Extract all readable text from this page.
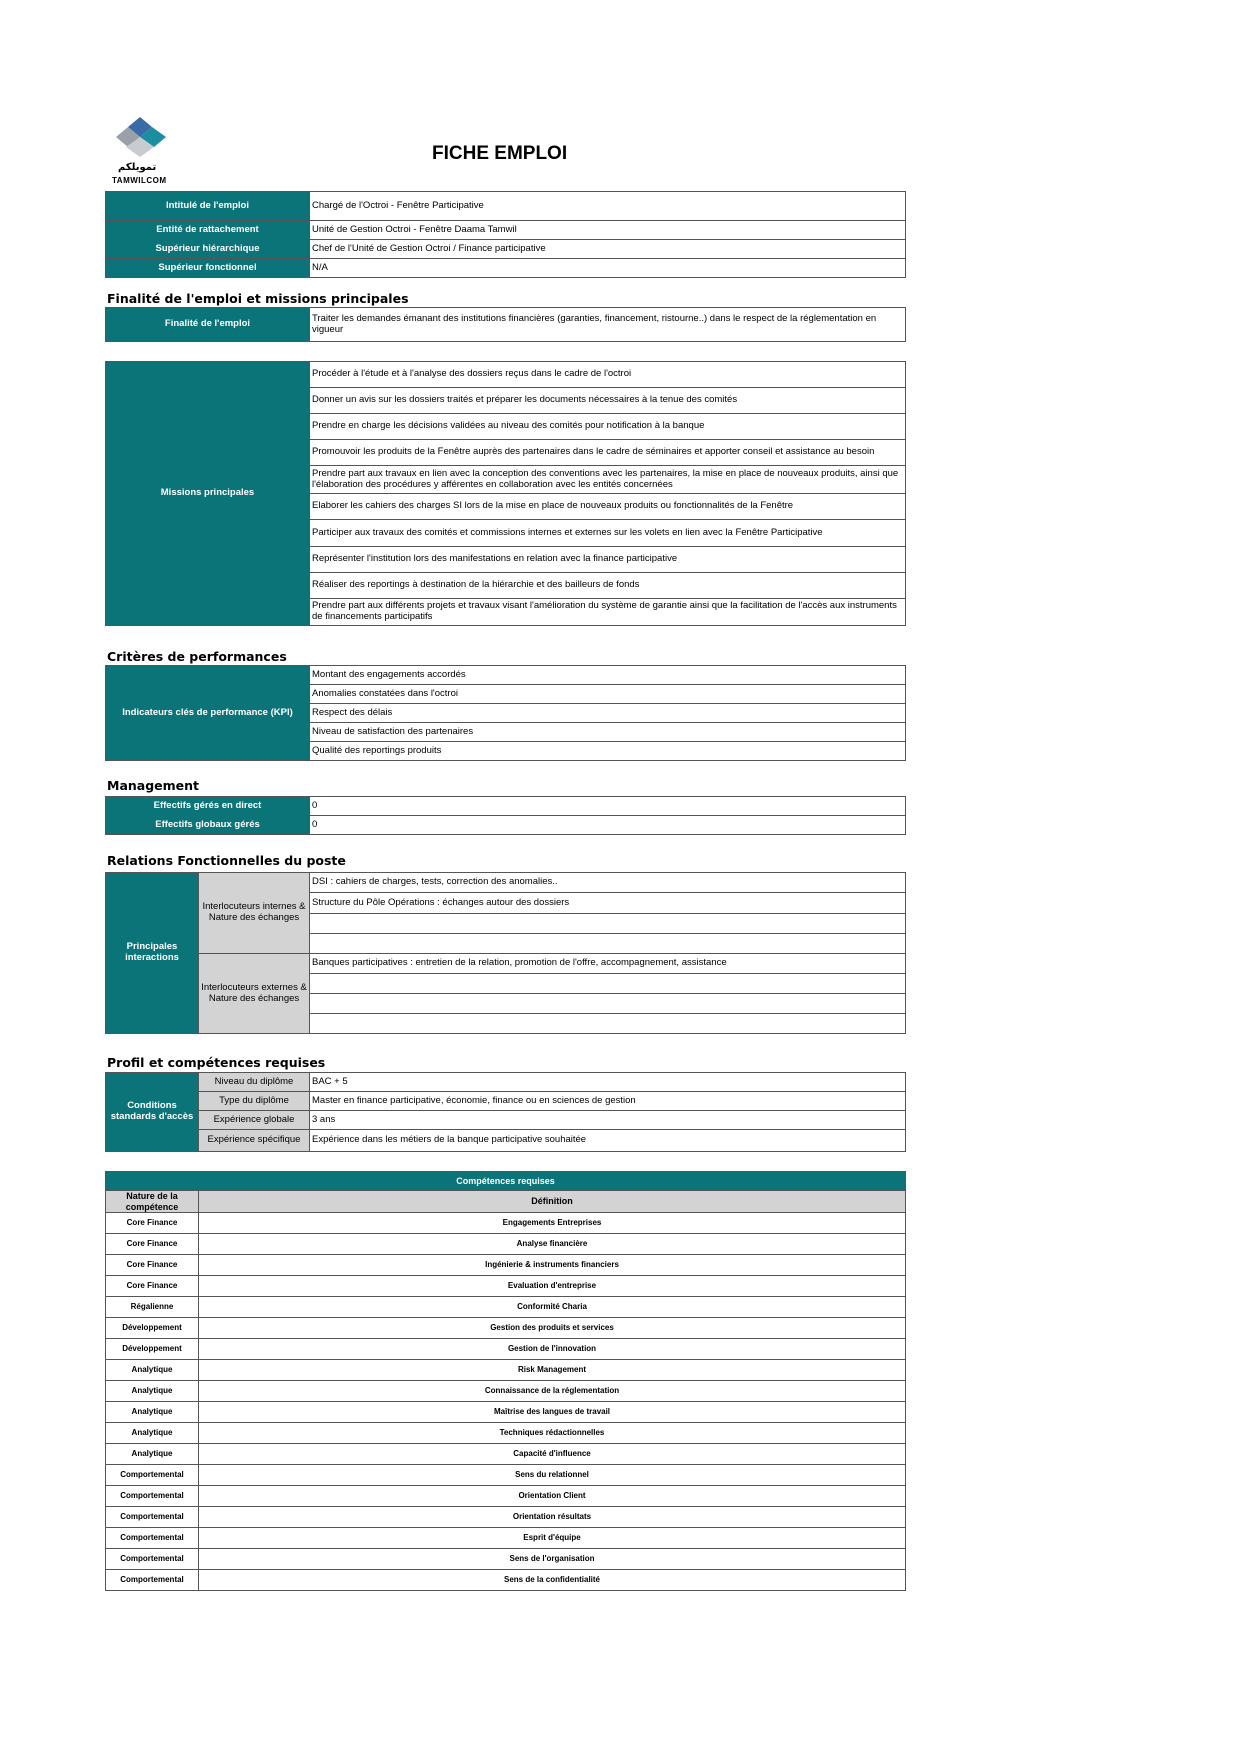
تمويلكم
TAMWILCOM
FICHE EMPLOI
Intitulé de l'emploi	Chargé de l'Octroi - Fenêtre Participative
Entité de rattachement	Unité de Gestion Octroi - Fenêtre Daama Tamwil
Supérieur hiérarchique	Chef de l'Unité de Gestion Octroi / Finance participative
Supérieur fonctionnel	N/A
Finalité de l'emploi et missions principales
Finalité de l'emploi	Traiter les demandes émanant des institutions financières (garanties, financement, ristourne..) dans le respect de la réglementation en vigueur
Missions principales	Procéder à l'étude et à l'analyse des dossiers reçus dans le cadre de l'octroi
Donner un avis sur les dossiers traités et préparer les documents nécessaires à la tenue des comités
Prendre en charge les décisions validées au niveau des comités pour notification à la banque
Promouvoir les produits de la Fenêtre auprès des partenaires dans le cadre de séminaires et apporter conseil et assistance au besoin
Prendre part aux travaux en lien avec la conception des conventions avec les partenaires, la mise en place de nouveaux produits, ainsi que l'élaboration des procédures y afférentes en collaboration avec les entités concernées
Elaborer les cahiers des charges SI lors de la mise en place de nouveaux produits ou fonctionnalités de la Fenêtre
Participer aux travaux des comités et commissions internes et externes sur les volets en lien avec la Fenêtre Participative
Représenter l'institution lors des manifestations en relation avec la finance participative
Réaliser des reportings à destination de la hiérarchie et des bailleurs de fonds
Prendre part aux différents projets et travaux visant l'amélioration du système de garantie ainsi que la facilitation de l'accès aux instruments de financements participatifs
Critères de performances
Indicateurs clés de performance (KPI)	Montant des engagements accordés
Anomalies constatées dans l'octroi
Respect des délais
Niveau de satisfaction des partenaires
Qualité des reportings produits
Management
Effectifs gérés en direct	0
Effectifs globaux gérés	0
Relations Fonctionnelles du poste
Principales interactions	Interlocuteurs internes & Nature des échanges	DSI : cahiers de charges, tests, correction des anomalies..
		Structure du Pôle Opérations : échanges autour des dossiers

	Interlocuteurs externes & Nature des échanges	Banques participatives : entretien de la relation, promotion de l'offre, accompagnement, assistance

Profil et compétences requises
Conditions standards d'accès	Niveau du diplôme	BAC + 5
	Type du diplôme	Master en finance participative, économie, finance ou en sciences de gestion
	Expérience globale	3 ans
	Expérience spécifique	Expérience dans les métiers de la banque participative souhaitée
Compétences requises	
Nature de la compétence	Définition
Core Finance	Engagements Entreprises
Core Finance	Analyse financière
Core Finance	Ingénierie & instruments financiers
Core Finance	Evaluation d'entreprise
Régalienne	Conformité Charia
Développement	Gestion des produits et services
Développement	Gestion de l'innovation
Analytique	Risk Management
Analytique	Connaissance de la réglementation
Analytique	Maîtrise des langues de travail
Analytique	Techniques rédactionnelles
Analytique	Capacité d'influence
Comportemental	Sens du relationnel
Comportemental	Orientation Client
Comportemental	Orientation résultats
Comportemental	Esprit d'équipe
Comportemental	Sens de l'organisation
Comportemental	Sens de la confidentialité
